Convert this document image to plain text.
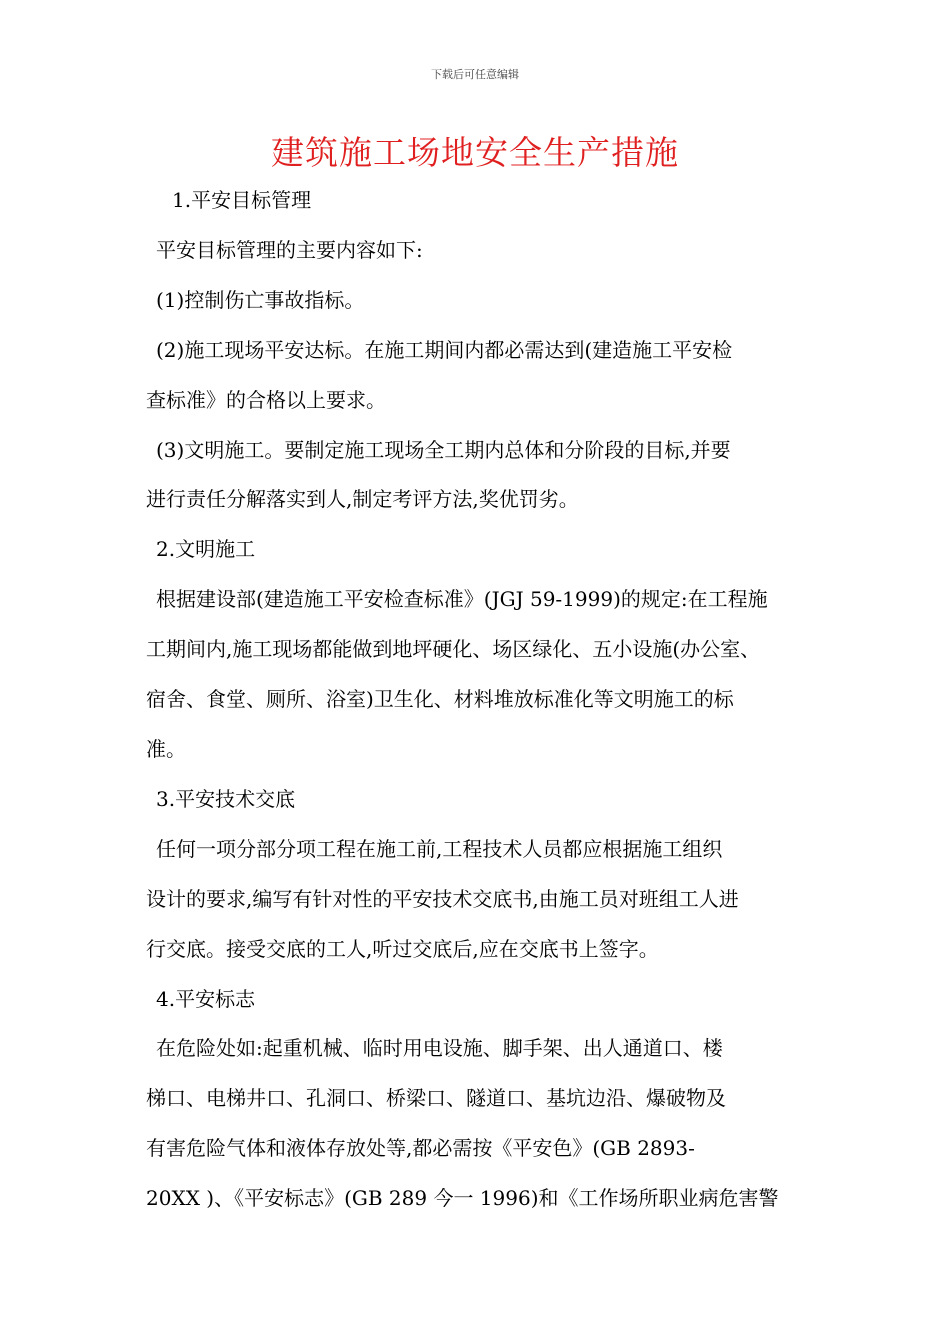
下载后可任意编辑
建筑施工场地安全生产措施
1.平安目标管理
平安目标管理的主要内容如下:
(1)控制伤亡事故指标。
(2)施工现场平安达标。在施工期间内都必需达到(建造施工平安检
查标准》的合格以上要求。
(3)文明施工。要制定施工现场全工期内总体和分阶段的目标,并要
进行责任分解落实到人,制定考评方法,奖优罚劣。
2.文明施工
根据建设部(建造施工平安检查标准》(JGJ 59-1999)的规定:在工程施
工期间内,施工现场都能做到地坪硬化、场区绿化、五小设施(办公室、
宿舍、食堂、厕所、浴室)卫生化、材料堆放标准化等文明施工的标
准。
3.平安技术交底
任何一项分部分项工程在施工前,工程技术人员都应根据施工组织
设计的要求,编写有针对性的平安技术交底书,由施工员对班组工人进
行交底。接受交底的工人,听过交底后,应在交底书上签字。
4.平安标志
在危险处如:起重机械、临时用电设施、脚手架、出人通道口、楼
梯口、电梯井口、孔洞口、桥梁口、隧道口、基坑边沿、爆破物及
有害危险气体和液体存放处等,都必需按《平安色》(GB 2893-
20XX )、《平安标志》(GB 289 今一 1996)和《工作场所职业病危害警
